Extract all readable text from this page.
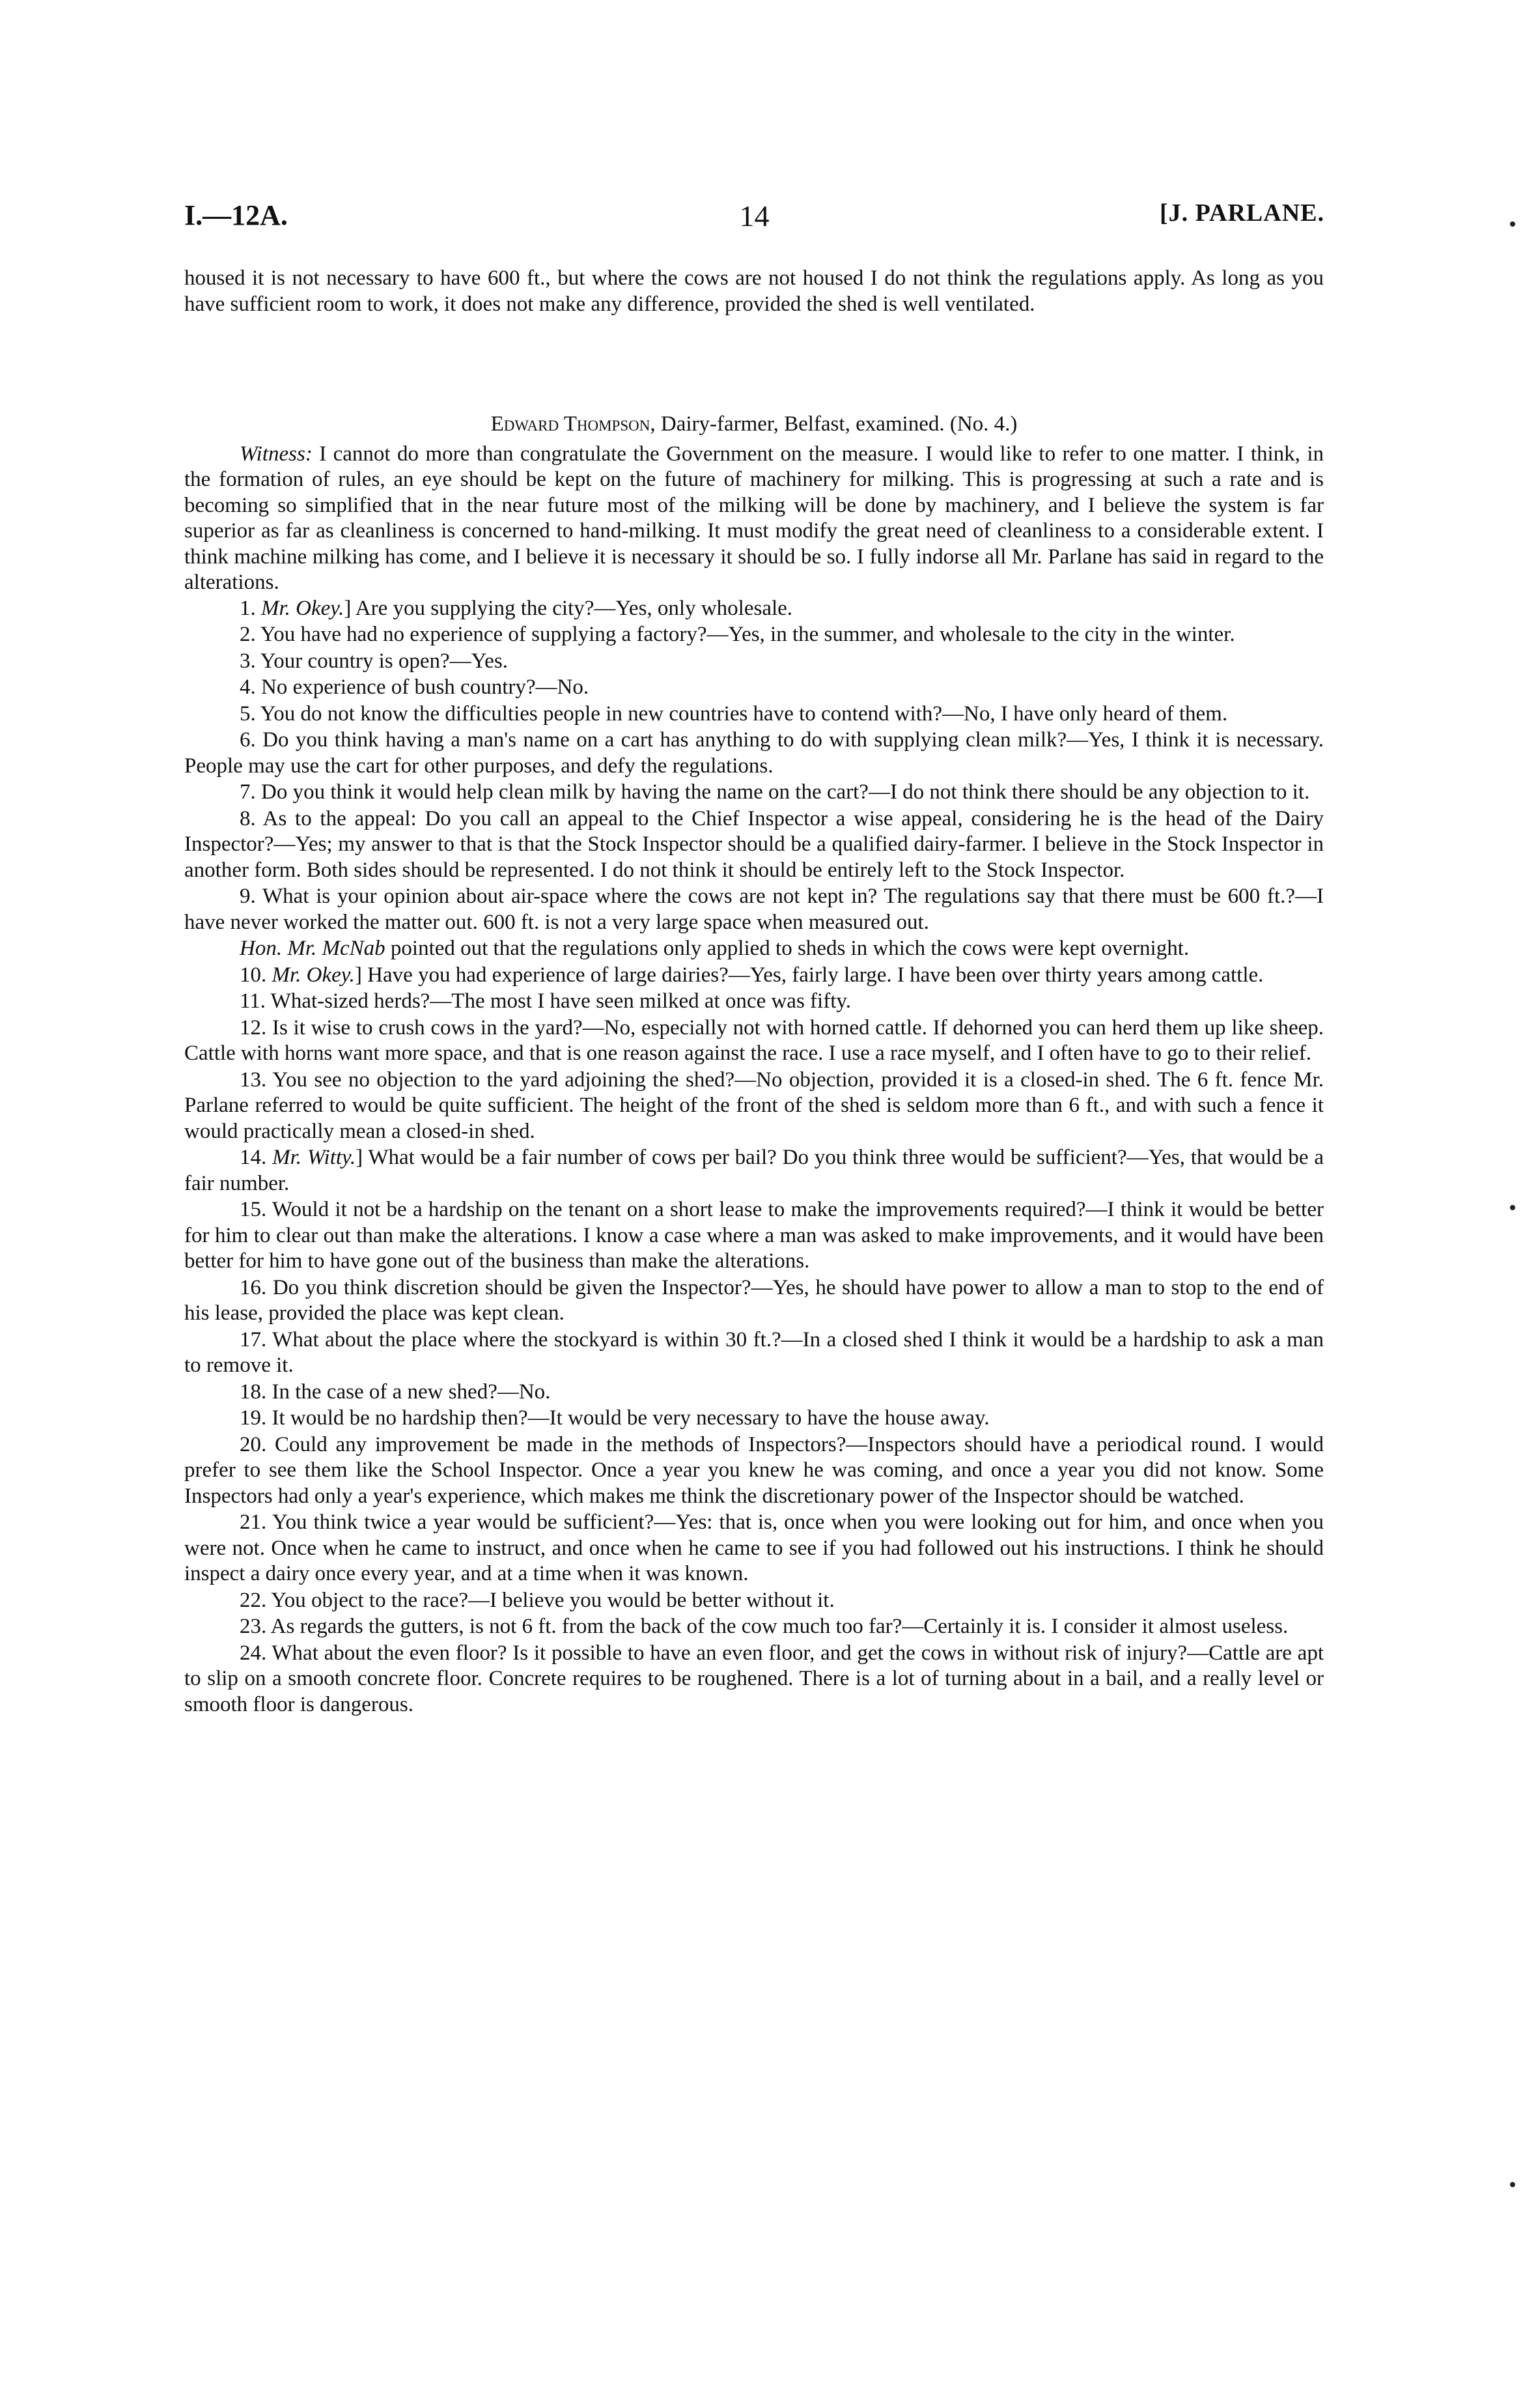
I.—12A.	14	[J. PARLANE.

housed it is not necessary to have 600 ft., but where the cows are not housed I do not think the regulations apply. As long as you have sufficient room to work, it does not make any difference, provided the shed is well ventilated.

Edward Thompson, Dairy-farmer, Belfast, examined. (No. 4.)

Witness: I cannot do more than congratulate the Government on the measure. I would like to refer to one matter. I think, in the formation of rules, an eye should be kept on the future of machinery for milking. This is progressing at such a rate and is becoming so simplified that in the near future most of the milking will be done by machinery, and I believe the system is far superior as far as cleanliness is concerned to hand-milking. It must modify the great need of cleanliness to a considerable extent. I think machine milking has come, and I believe it is necessary it should be so. I fully indorse all Mr. Parlane has said in regard to the alterations.

1. Mr. Okey.] Are you supplying the city?—Yes, only wholesale.

2. You have had no experience of supplying a factory?—Yes, in the summer, and wholesale to the city in the winter.

3. Your country is open?—Yes.

4. No experience of bush country?—No.

5. You do not know the difficulties people in new countries have to contend with?—No, I have only heard of them.

6. Do you think having a man's name on a cart has anything to do with supplying clean milk?—Yes, I think it is necessary. People may use the cart for other purposes, and defy the regulations.

7. Do you think it would help clean milk by having the name on the cart?—I do not think there should be any objection to it.

8. As to the appeal: Do you call an appeal to the Chief Inspector a wise appeal, considering he is the head of the Dairy Inspector?—Yes; my answer to that is that the Stock Inspector should be a qualified dairy-farmer. I believe in the Stock Inspector in another form. Both sides should be represented. I do not think it should be entirely left to the Stock Inspector.

9. What is your opinion about air-space where the cows are not kept in? The regulations say that there must be 600 ft.?—I have never worked the matter out. 600 ft. is not a very large space when measured out.

Hon. Mr. McNab pointed out that the regulations only applied to sheds in which the cows were kept overnight.

10. Mr. Okey.] Have you had experience of large dairies?—Yes, fairly large. I have been over thirty years among cattle.

11. What-sized herds?—The most I have seen milked at once was fifty.

12. Is it wise to crush cows in the yard?—No, especially not with horned cattle. If dehorned you can herd them up like sheep. Cattle with horns want more space, and that is one reason against the race. I use a race myself, and I often have to go to their relief.

13. You see no objection to the yard adjoining the shed?—No objection, provided it is a closed-in shed. The 6 ft. fence Mr. Parlane referred to would be quite sufficient. The height of the front of the shed is seldom more than 6 ft., and with such a fence it would practically mean a closed-in shed.

14. Mr. Witty.] What would be a fair number of cows per bail? Do you think three would be sufficient?—Yes, that would be a fair number.

15. Would it not be a hardship on the tenant on a short lease to make the improvements required?—I think it would be better for him to clear out than make the alterations. I know a case where a man was asked to make improvements, and it would have been better for him to have gone out of the business than make the alterations.

16. Do you think discretion should be given the Inspector?—Yes, he should have power to allow a man to stop to the end of his lease, provided the place was kept clean.

17. What about the place where the stockyard is within 30 ft.?—In a closed shed I think it would be a hardship to ask a man to remove it.

18. In the case of a new shed?—No.

19. It would be no hardship then?—It would be very necessary to have the house away.

20. Could any improvement be made in the methods of Inspectors?—Inspectors should have a periodical round. I would prefer to see them like the School Inspector. Once a year you knew he was coming, and once a year you did not know. Some Inspectors had only a year's experience, which makes me think the discretionary power of the Inspector should be watched.

21. You think twice a year would be sufficient?—Yes: that is, once when you were looking out for him, and once when you were not. Once when he came to instruct, and once when he came to see if you had followed out his instructions. I think he should inspect a dairy once every year, and at a time when it was known.

22. You object to the race?—I believe you would be better without it.

23. As regards the gutters, is not 6 ft. from the back of the cow much too far?—Certainly it is. I consider it almost useless.

24. What about the even floor? Is it possible to have an even floor, and get the cows in without risk of injury?—Cattle are apt to slip on a smooth concrete floor. Concrete requires to be roughened. There is a lot of turning about in a bail, and a really level or smooth floor is dangerous.
